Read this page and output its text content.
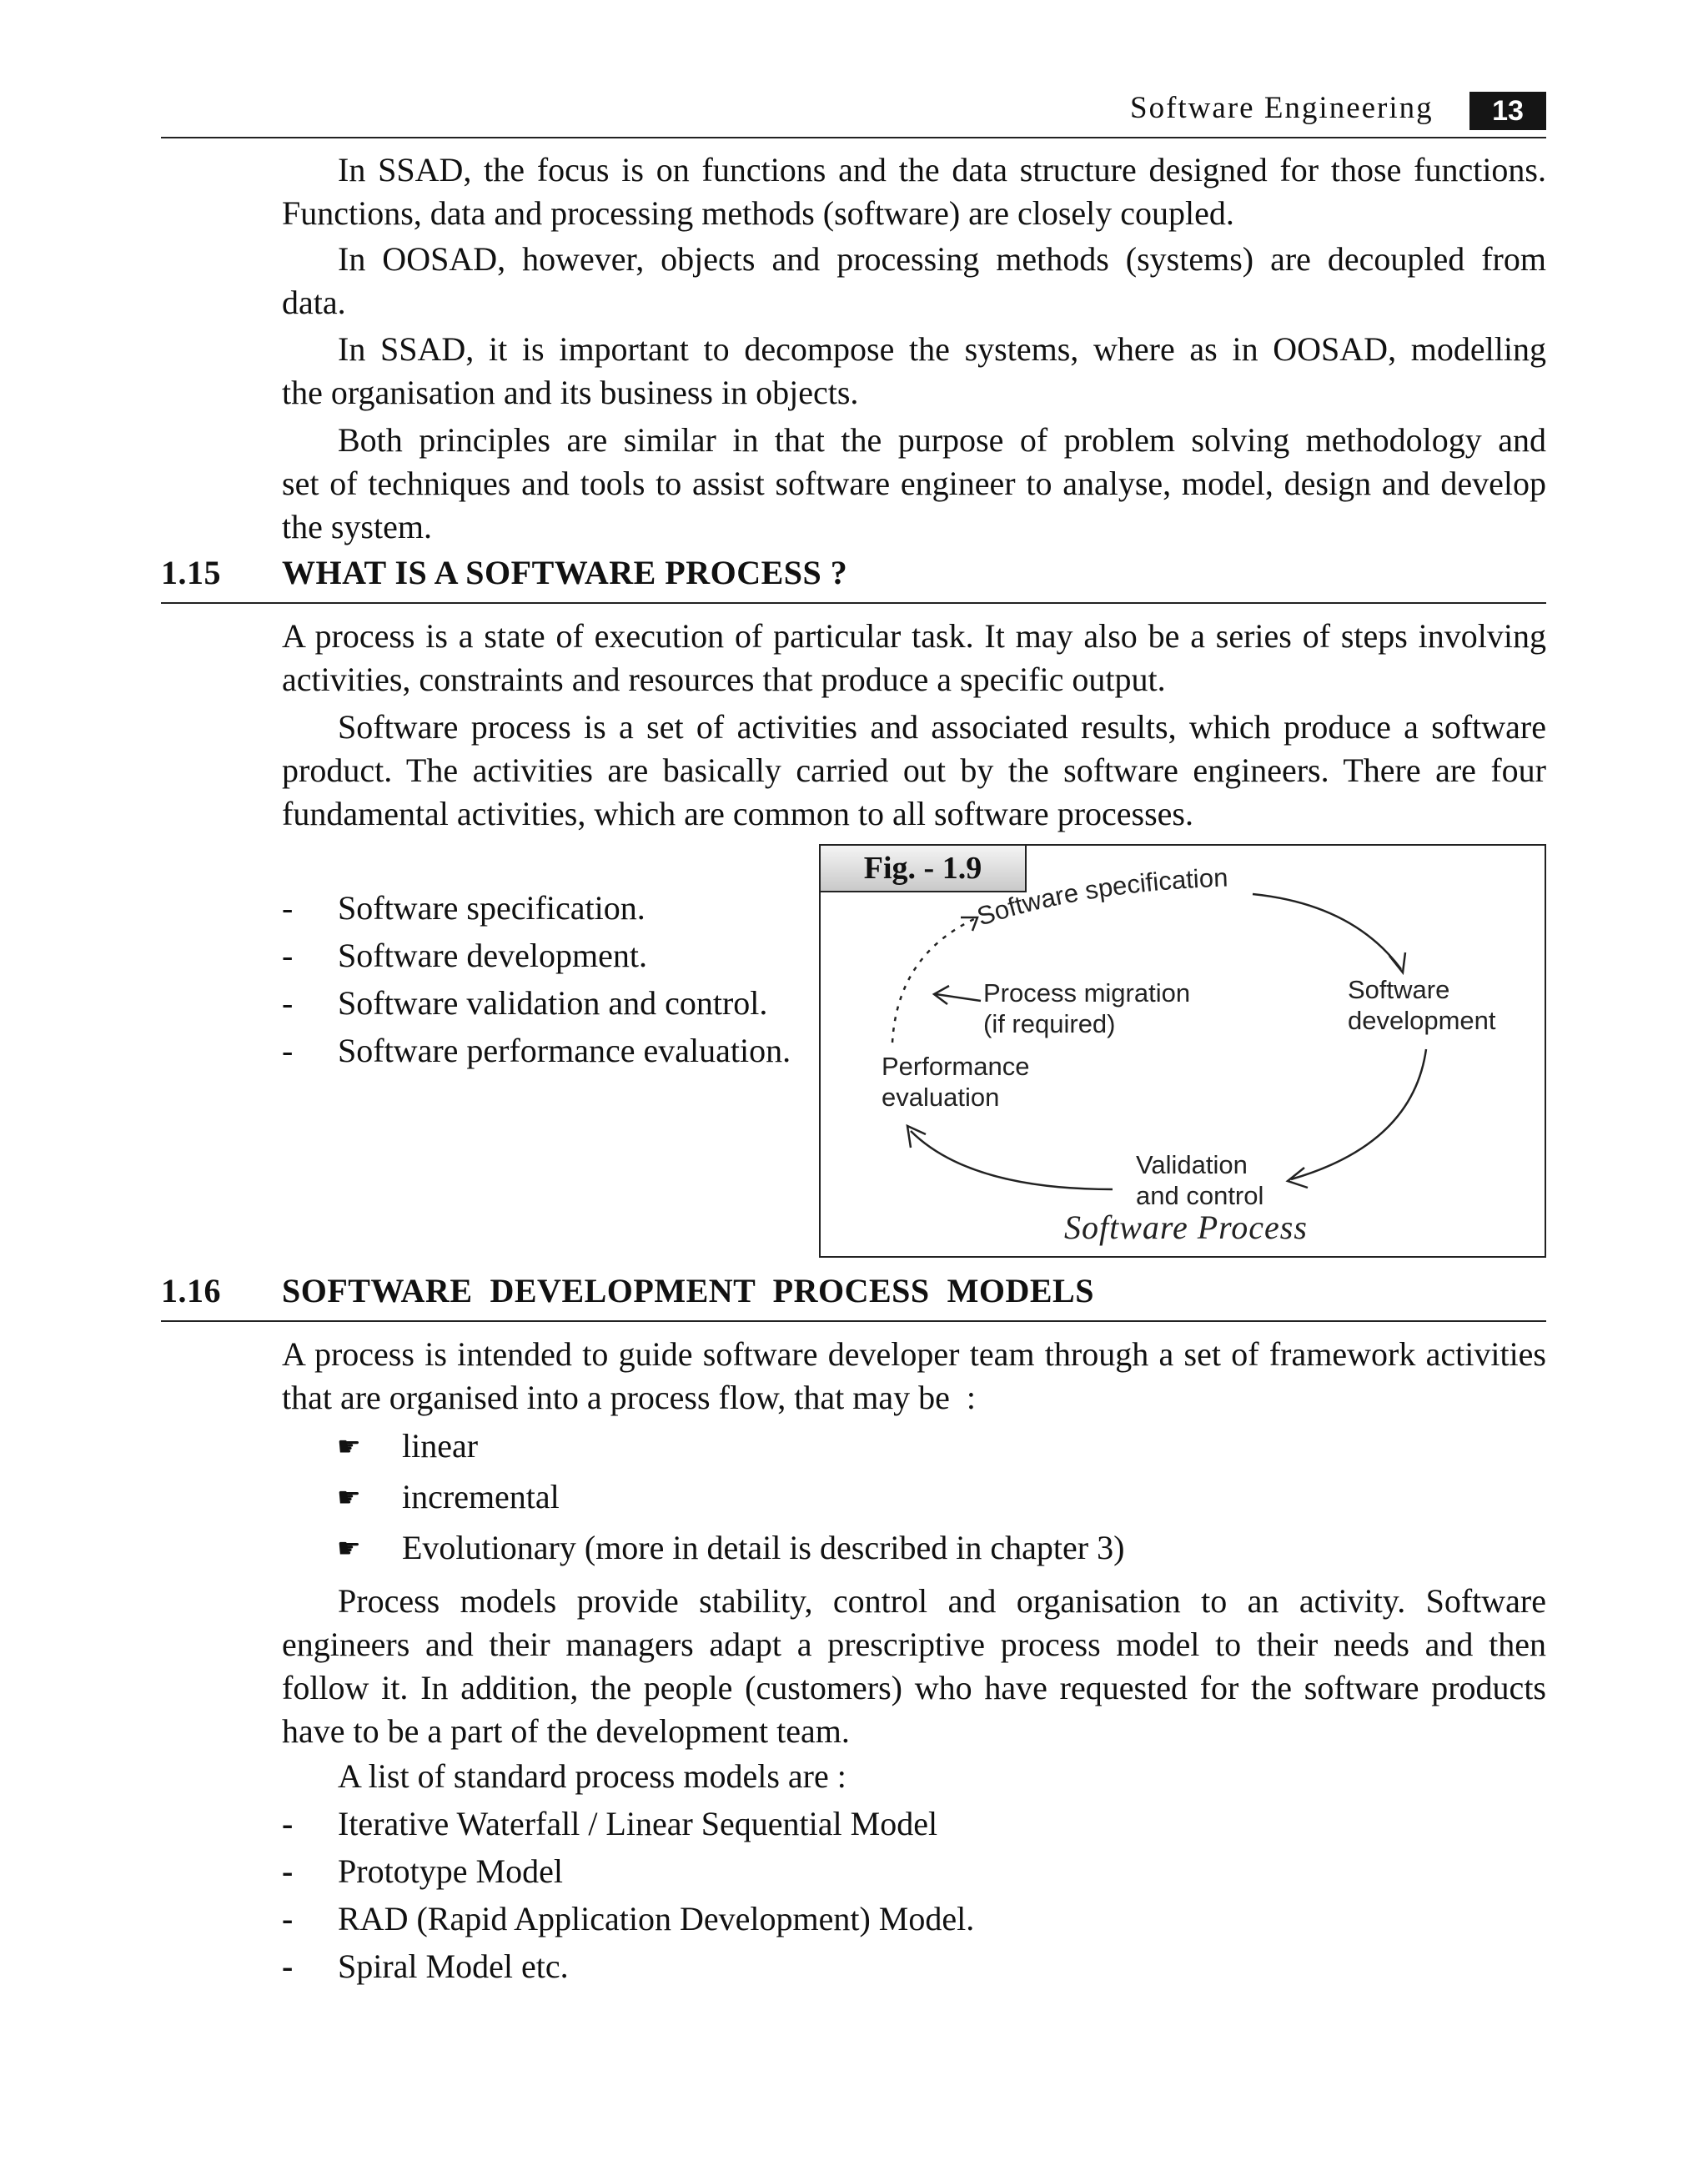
Software Engineering	13
In SSAD, the focus is on functions and the data structure designed for those functions.
Functions, data and processing methods (software) are closely coupled.
In OOSAD, however, objects and processing methods (systems) are decoupled from
data.
In SSAD, it is important to decompose the systems, where as in OOSAD, modelling
the organisation and its business in objects.
Both principles are similar in that the purpose of problem solving methodology and
set of techniques and tools to assist software engineer to analyse, model, design and develop
the system.
1.15 WHAT IS A SOFTWARE PROCESS ?
A process is a state of execution of particular task. It may also be a series of steps involving
activities, constraints and resources that produce a specific output.
Software process is a set of activities and associated results, which produce a software
product. The activities are basically carried out by the software engineers. There are four
fundamental activities, which are common to all software processes.
- Software specification.
- Software development.
- Software validation and control.
- Software performance evaluation.
Fig. - 1.9
Software specification
Software
development
Process migration
(if required)
Performance
evaluation
Validation
and control
Software Process
1.16 SOFTWARE  DEVELOPMENT  PROCESS  MODELS
A process is intended to guide software developer team through a set of framework activities
that are organised into a process flow, that may be  :
☛ linear
☛ incremental
☛ Evolutionary (more in detail is described in chapter 3)
Process models provide stability, control and organisation to an activity. Software
engineers and their managers adapt a prescriptive process model to their needs and then
follow it. In addition, the people (customers) who have requested for the software products
have to be a part of the development team.
A list of standard process models are :
- Iterative Waterfall / Linear Sequential Model
- Prototype Model
- RAD (Rapid Application Development) Model.
- Spiral Model etc.
